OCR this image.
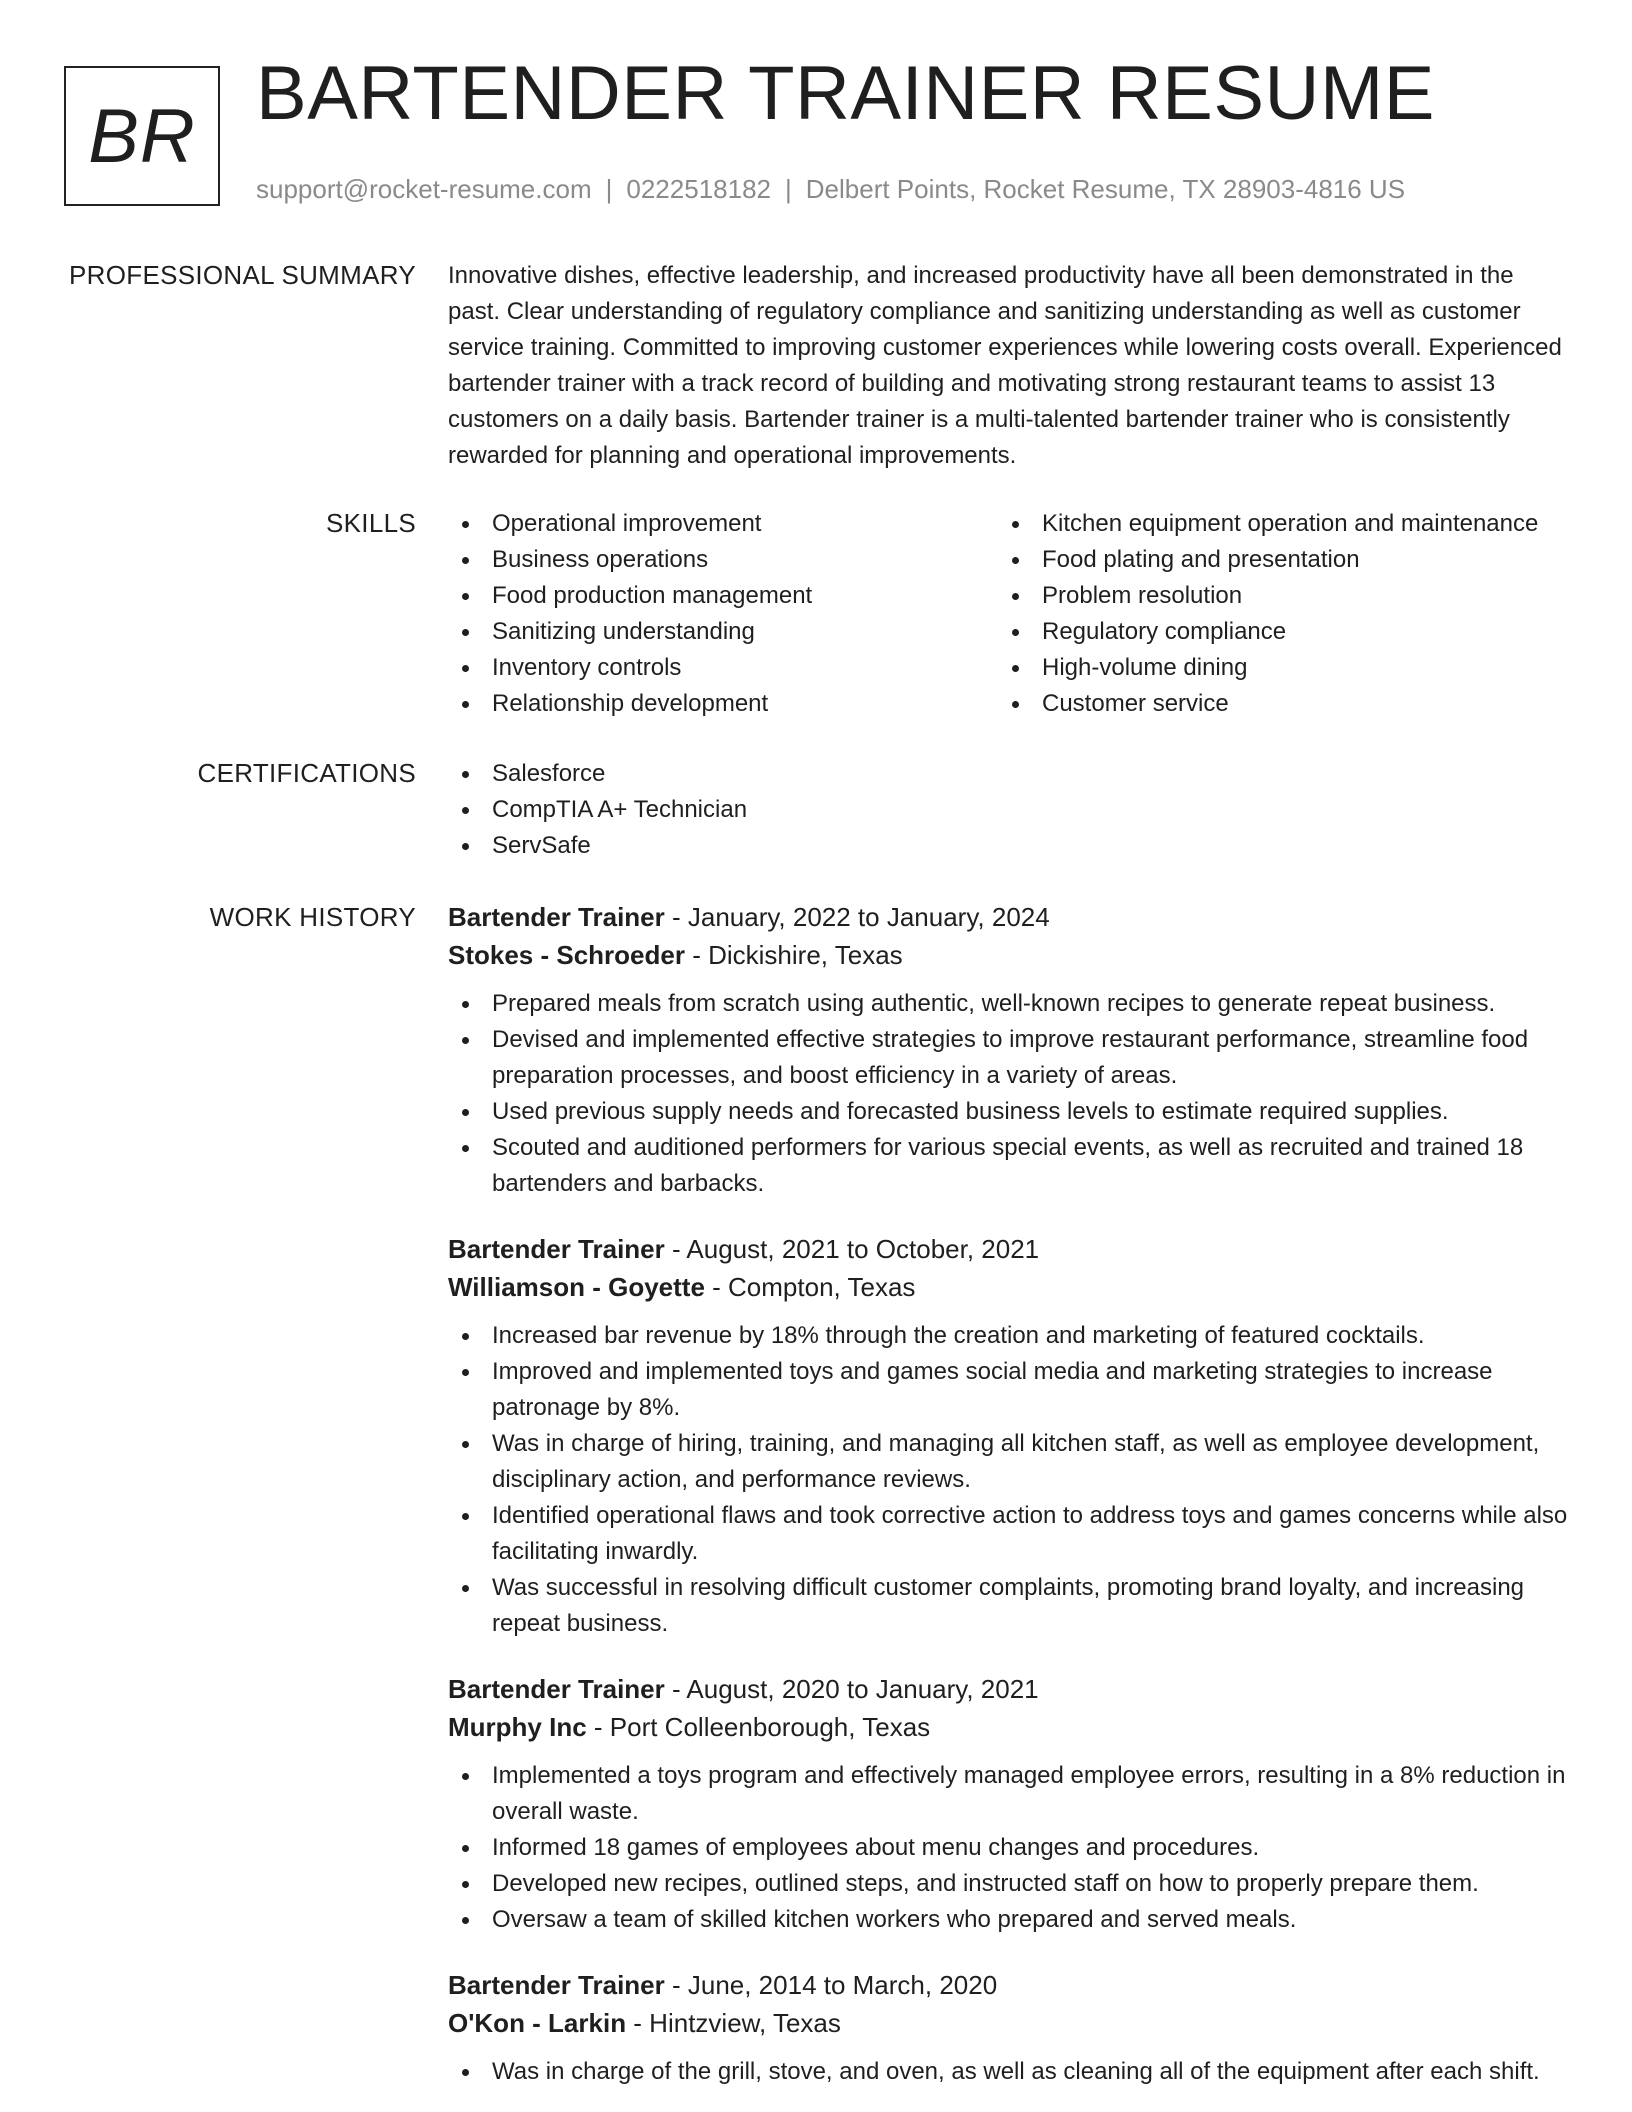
BR BARTENDER TRAINER RESUME
support@rocket-resume.com | 0222518182 | Delbert Points, Rocket Resume, TX 28903-4816 US
PROFESSIONAL SUMMARY Innovative dishes, effective leadership, and increased productivity have all been demonstrated in the past. Clear understanding of regulatory compliance and sanitizing understanding as well as customer service training. Committed to improving customer experiences while lowering costs overall. Experienced bartender trainer with a track record of building and motivating strong restaurant teams to assist 13 customers on a daily basis. Bartender trainer is a multi-talented bartender trainer who is consistently rewarded for planning and operational improvements.

SKILLS	Operational improvement
Business operations
Food production management
Sanitizing understanding
Inventory controls
Relationship development
Kitchen equipment operation and maintenance
Food plating and presentation
Problem resolution
Regulatory compliance
High-volume dining
Customer service
CERTIFICATIONS	Salesforce
CompTIA A+ Technician
ServSafe
WORK HISTORY Bartender Trainer - January, 2022 to January, 2024
Stokes - Schroeder - Dickishire, Texas
Prepared meals from scratch using authentic, well-known recipes to generate repeat business.
Devised and implemented effective strategies to improve restaurant performance, streamline food preparation processes, and boost efficiency in a variety of areas.
Used previous supply needs and forecasted business levels to estimate required supplies.
Scouted and auditioned performers for various special events, as well as recruited and trained 18 bartenders and barbacks.
Bartender Trainer - August, 2021 to October, 2021
Williamson - Goyette - Compton, Texas
Increased bar revenue by 18% through the creation and marketing of featured cocktails.
Improved and implemented toys and games social media and marketing strategies to increase patronage by 8%.
Was in charge of hiring, training, and managing all kitchen staff, as well as employee development, disciplinary action, and performance reviews.
Identified operational flaws and took corrective action to address toys and games concerns while also facilitating inwardly.
Was successful in resolving difficult customer complaints, promoting brand loyalty, and increasing repeat business.
Bartender Trainer - August, 2020 to January, 2021
Murphy Inc - Port Colleenborough, Texas
Implemented a toys program and effectively managed employee errors, resulting in a 8% reduction in overall waste.
Informed 18 games of employees about menu changes and procedures.
Developed new recipes, outlined steps, and instructed staff on how to properly prepare them.
Oversaw a team of skilled kitchen workers who prepared and served meals.
Bartender Trainer - June, 2014 to March, 2020
O'Kon - Larkin - Hintzview, Texas
Was in charge of the grill, stove, and oven, as well as cleaning all of the equipment after each shift.
